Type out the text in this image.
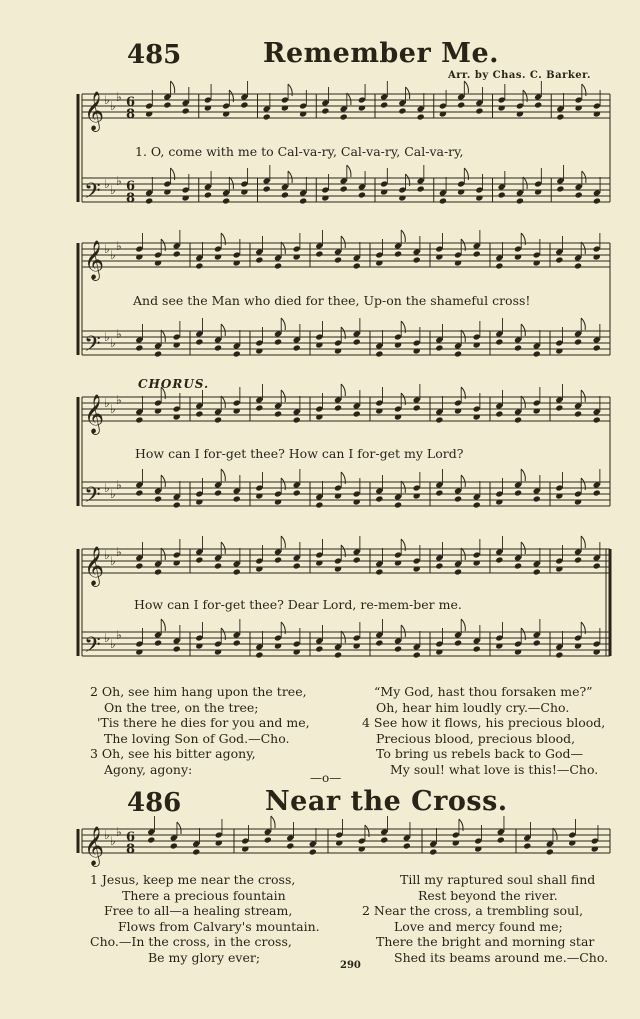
485	Remember Me.
Arr. by Chas. C. Barker.
𝄞 ♭ ♭
♭
𝄢 ♭ ♭
♭
6
8
6
8
𝄞 ♭ ♭
♭
𝄢 ♭ ♭
♭
𝄞 ♭ ♭
♭
𝄢 ♭ ♭
♭
𝄞 ♭ ♭
♭
𝄢 ♭ ♭
♭
𝄞 ♭ ♭
♭ 6
8
1. O, come with me to Cal-va-ry, Cal-va-ry, Cal-va-ry,
And see the Man who died for thee, Up-on the shameful cross!
CHORUS.
How can I for-get thee? How can I for-get my Lord?
How can I for-get thee? Dear Lord, re-mem-ber me.
2 Oh, see him hang upon the tree,
On the tree, on the tree;
'Tis there he dies for you and me,
The loving Son of God.—Cho.
3 Oh, see his bitter agony,
Agony, agony:
“My God, hast thou forsaken me?”
Oh, hear him loudly cry.—Cho.
4 See how it flows, his precious blood,
Precious blood, precious blood,
To bring us rebels back to God—
My soul! what love is this!—Cho.
—o—
486	Near the Cross.
1 Jesus, keep me near the cross,
There a precious fountain
Free to all—a healing stream,
Flows from Calvary's mountain.
Cho.—In the cross, in the cross,
Be my glory ever;
Till my raptured soul shall find
Rest beyond the river.
2 Near the cross, a trembling soul,
Love and mercy found me;
There the bright and morning star
Shed its beams around me.—Cho.
290
